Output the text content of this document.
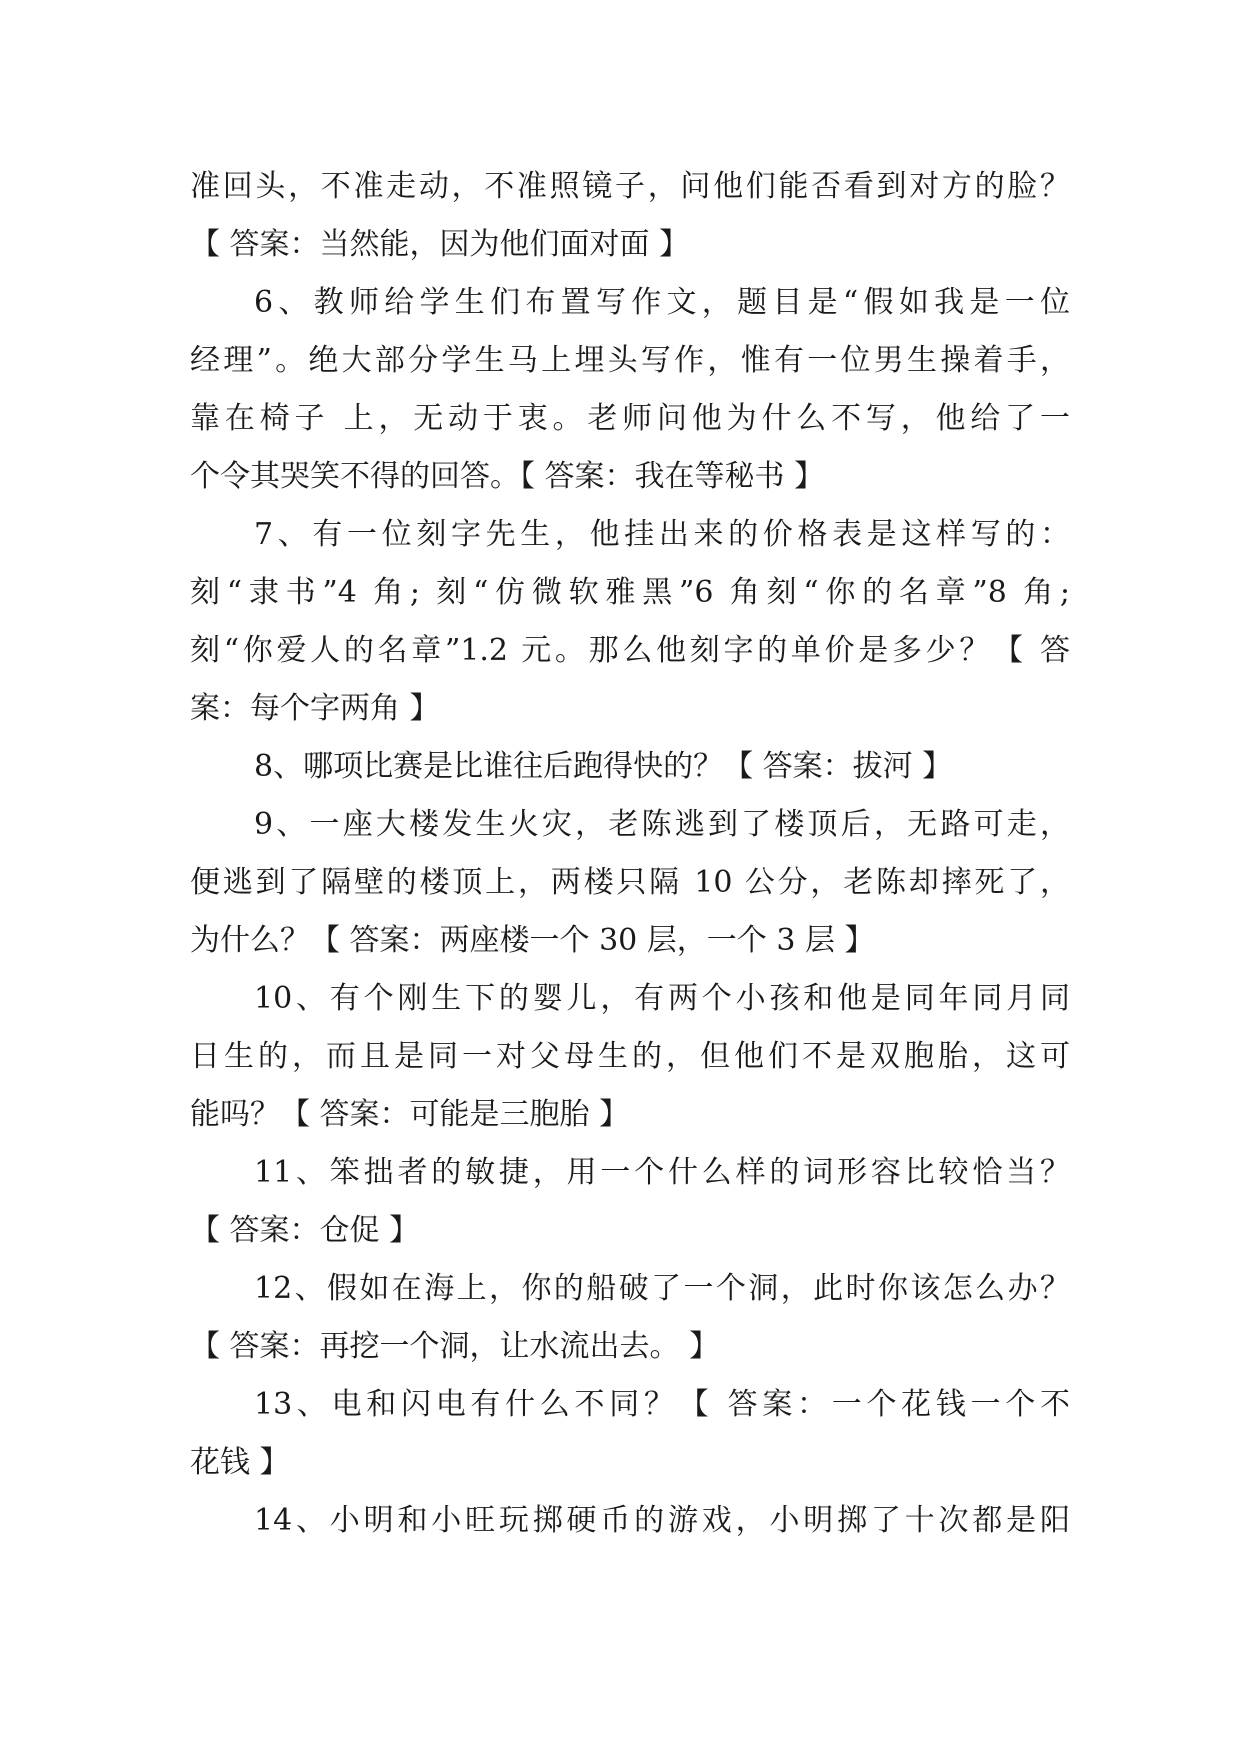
准回头，不准走动，不准照镜子，问他们能否看到对方的脸？
【 答案：当然能，因为他们面对面 】
6、教师给学生们布置写作文，题目是“假如我是一位
经理”。绝大部分学生马上埋头写作，惟有一位男生操着手，
靠在椅子 上，无动于衷。老师问他为什么不写，他给了一
个令其哭笑不得的回答。【 答案：我在等秘书 】
7、有一位刻字先生，他挂出来的价格表是这样写的：
刻“隶书”4 角; 刻“仿微软雅黑”6 角刻“你的名章”8 角;
刻“你爱人的名章”1.2 元。那么他刻字的单价是多少？【 答
案：每个字两角 】
8、哪项比赛是比谁往后跑得快的？【 答案：拔河 】
9、一座大楼发生火灾，老陈逃到了楼顶后，无路可走，
便逃到了隔壁的楼顶上，两楼只隔 10 公分，老陈却摔死了，
为什么？【 答案：两座楼一个 30 层，一个 3 层 】
10、有个刚生下的婴儿，有两个小孩和他是同年同月同
日生的，而且是同一对父母生的，但他们不是双胞胎，这可
能吗？【 答案：可能是三胞胎 】
11、笨拙者的敏捷，用一个什么样的词形容比较恰当？
【 答案：仓促 】
12、假如在海上，你的船破了一个洞，此时你该怎么办？
【 答案：再挖一个洞，让水流出去。 】
13、电和闪电有什么不同？【 答案：一个花钱一个不
花钱 】
14、小明和小旺玩掷硬币的游戏，小明掷了十次都是阳
